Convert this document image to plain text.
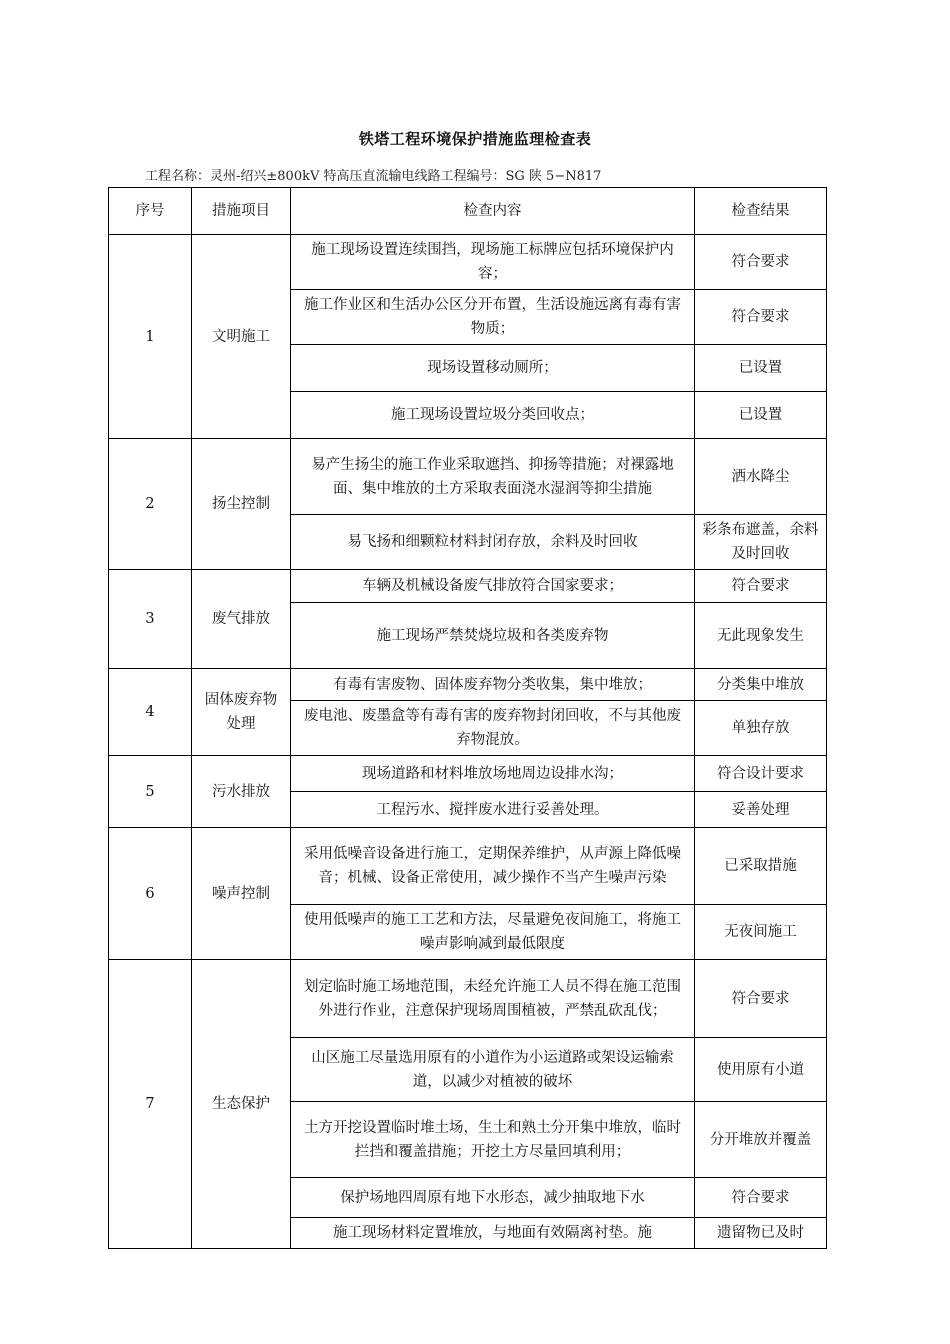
铁塔工程环境保护措施监理检查表
工程名称：灵州-绍兴±800kV 特高压直流输电线路工程编号：SG 陕 5−N817
序号	措施项目	检查内容	检查结果
1	文明施工	施工现场设置连续围挡，现场施工标牌应包括环境保护内容；	符合要求
		施工作业区和生活办公区分开布置，生活设施远离有毒有害物质；	符合要求
		现场设置移动厕所；	已设置
		施工现场设置垃圾分类回收点；	已设置
2	扬尘控制	易产生扬尘的施工作业采取遮挡、抑扬等措施；对裸露地面、集中堆放的土方采取表面浇水湿润等抑尘措施	洒水降尘
		易飞扬和细颗粒材料封闭存放，余料及时回收	彩条布遮盖，余料及时回收
3	废气排放	车辆及机械设备废气排放符合国家要求；	符合要求
		施工现场严禁焚烧垃圾和各类废弃物	无此现象发生
4	固体废弃物处理	有毒有害废物、固体废弃物分类收集，集中堆放；	分类集中堆放
		废电池、废墨盒等有毒有害的废弃物封闭回收，不与其他废弃物混放。	单独存放
5	污水排放	现场道路和材料堆放场地周边设排水沟；	符合设计要求
		工程污水、搅拌废水进行妥善处理。	妥善处理
6	噪声控制	采用低噪音设备进行施工，定期保养维护，从声源上降低噪音；机械、设备正常使用，减少操作不当产生噪声污染	已采取措施
		使用低噪声的施工工艺和方法，尽量避免夜间施工，将施工噪声影响减到最低限度	无夜间施工
7	生态保护	划定临时施工场地范围，未经允许施工人员不得在施工范围外进行作业，注意保护现场周围植被，严禁乱砍乱伐；	符合要求
		山区施工尽量选用原有的小道作为小运道路或架设运输索道，以减少对植被的破坏	使用原有小道
		土方开挖设置临时堆土场，生土和熟土分开集中堆放，临时拦挡和覆盖措施；开挖土方尽量回填利用；	分开堆放并覆盖
		保护场地四周原有地下水形态，减少抽取地下水	符合要求
		施工现场材料定置堆放，与地面有效隔离衬垫。施	遗留物已及时
